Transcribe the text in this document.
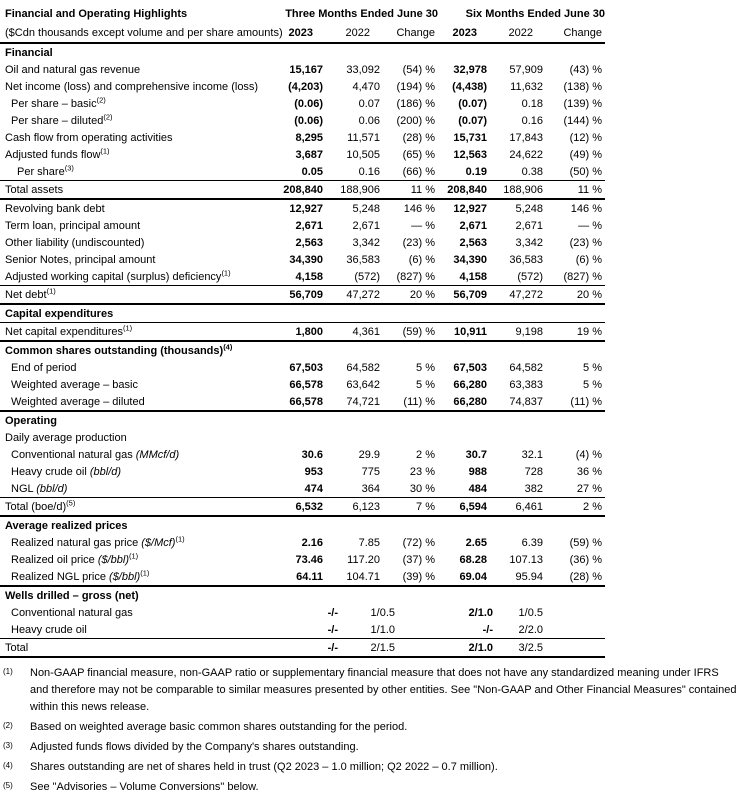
Financial and Operating Highlights	Three Months Ended June 30			Six Months Ended June 30		
($Cdn thousands except volume and per share amounts)	2023	2022	Change	2023	2022	Change
Financial						
Oil and natural gas revenue	15,167	33,092	(54) %	32,978	57,909	(43) %
Net income (loss) and comprehensive income (loss)	(4,203)	4,470	(194) %	(4,438)	11,632	(138) %
Per share – basic$^{(2)}$	(0.06)	0.07	(186) %	(0.07)	0.18	(139) %
Per share – diluted$^{(2)}$	(0.06)	0.06	(200) %	(0.07)	0.16	(144) %
Cash flow from operating activities	8,295	11,571	(28) %	15,731	17,843	(12) %
Adjusted funds flow$^{(1)}$	3,687	10,505	(65) %	12,563	24,622	(49) %
Per share$^{(3)}$	0.05	0.16	(66) %	0.19	0.38	(50) %
Total assets	208,840	188,906	11 %	208,840	188,906	11 %
Revolving bank debt	12,927	5,248	146 %	12,927	5,248	146 %
Term loan, principal amount	2,671	2,671	— %	2,671	2,671	— %
Other liability (undiscounted)	2,563	3,342	(23) %	2,563	3,342	(23) %
Senior Notes, principal amount	34,390	36,583	(6) %	34,390	36,583	(6) %
Adjusted working capital (surplus) deficiency$^{(1)}$	4,158	(572)	(827) %	4,158	(572)	(827) %
Net debt$^{(1)}$	56,709	47,272	20 %	56,709	47,272	20 %
Capital expenditures						
Net capital expenditures$^{(1)}$	1,800	4,361	(59) %	10,911	9,198	19 %
Common shares outstanding (thousands)$^{(4)}$
End of period	67,503	64,582	5 %	67,503	64,582	5 %
Weighted average – basic	66,578	63,642	5 %	66,280	63,383	5 %
Weighted average – diluted	66,578	74,721	(11) %	66,280	74,837	(11) %
Operating						
Daily average production						
Conventional natural gas (MMcf/d)	30.6	29.9	2 %	30.7	32.1	(4) %
Heavy crude oil (bbl/d)	953	775	23 %	988	728	36 %
NGL (bbl/d)	474	364	30 %	484	382	27 %
Total $(boe/d)^{(5)}$	6,532	6,123	7 %	6,594	6,461	2 %
Average realized prices						
Realized natural gas price ($/Mcf)$^{(1)}$	2.16	7.85	(72) %	2.65	6.39	(59) %
Realized oil price ($/bbl)$^{(1)}$	73.46	117.20	(37) %	68.28	107.13	(36) %
Realized NGL price ($/bbl)$^{(1)}$	64.11	104.71	(39) %	69.04	95.94	(28) %
Wells drilled – gross (net)						
Conventional natural gas	-/-	1/0.5		2/1.0	1/0.5	
Heavy crude oil	-/-	1/1.0		-/-	2/2.0	
Total	-/-	2/1.5		2/1.0	3/2.5	
(1) Non-GAAP financial measure, non-GAAP ratio or supplementary financial measure that does not have any standardized meaning under IFRS and therefore may not be comparable to similar measures presented by other entities. See "Non-GAAP and Other Financial Measures" contained within this news release.
(2) Based on weighted average basic common shares outstanding for the period.
(3) Adjusted funds flows divided by the Company's shares outstanding.
(4) Shares outstanding are net of shares held in trust (Q2 2023 – 1.0 million; Q2 2022 – 0.7 million).
(5) See "Advisories – Volume Conversions" below.
